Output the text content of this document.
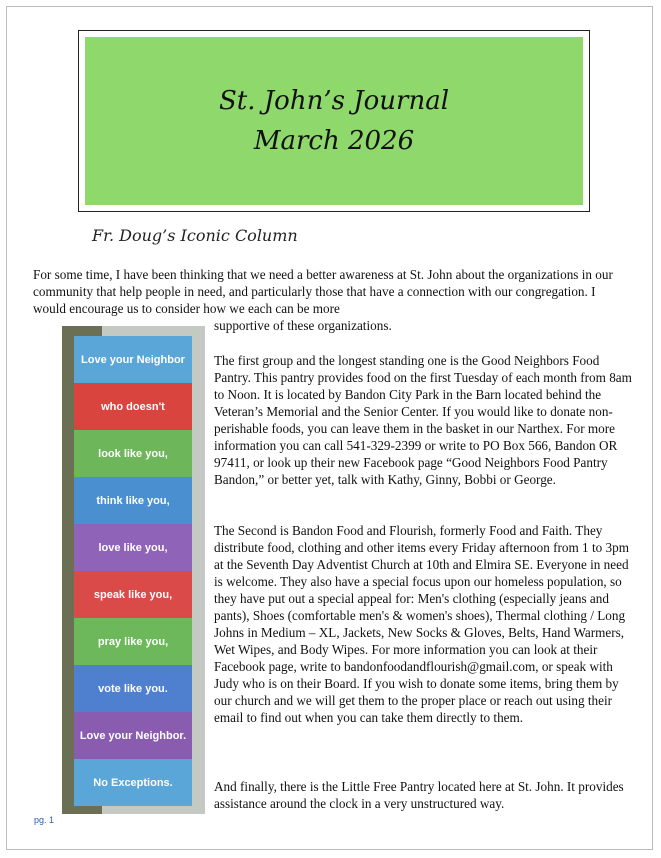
St. John’s Journal
March 2026
Fr. Doug’s Iconic Column

For some time, I have been thinking that we need a better awareness at St. John about the organizations in our community that help people in need, and particularly those that have a connection with our congregation. I would encourage us to consider how we each can be more

supportive of these organizations.

Love your Neighbor
who doesn't
look like you,
think like you,
love like you,
speak like you,
pray like you,
vote like you.
Love your Neighbor.
No Exceptions.

The first group and the longest standing one is the Good Neighbors Food Pantry. This pantry provides food on the first Tuesday of each month from 8am to Noon. It is located by Bandon City Park in the Barn located behind the Veteran’s Memorial and the Senior Center. If you would like to donate non-perishable foods, you can leave them in the basket in our Narthex. For more information you can call 541-329-2399 or write to PO Box 566, Bandon OR 97411, or look up their new Facebook page “Good Neighbors Food Pantry Bandon,” or better yet, talk with Kathy, Ginny, Bobbi or George.

The Second is Bandon Food and Flourish, formerly Food and Faith. They distribute food, clothing and other items every Friday afternoon from 1 to 3pm at the Seventh Day Adventist Church at 10th and Elmira SE. Everyone in need is welcome. They also have a special focus upon our homeless population, so they have put out a special appeal for: Men's clothing (especially jeans and pants), Shoes (comfortable men's & women's shoes), Thermal clothing / Long Johns in Medium – XL, Jackets, New Socks & Gloves, Belts, Hand Warmers, Wet Wipes, and Body Wipes. For more information you can look at their Facebook page, write to bandonfoodandflourish@gmail.com, or speak with Judy who is on their Board. If you wish to donate some items, bring them by our church and we will get them to the proper place or reach out using their email to find out when you can take them directly to them.

And finally, there is the Little Free Pantry located here at St. John. It provides assistance around the clock in a very unstructured way.

pg. 1
